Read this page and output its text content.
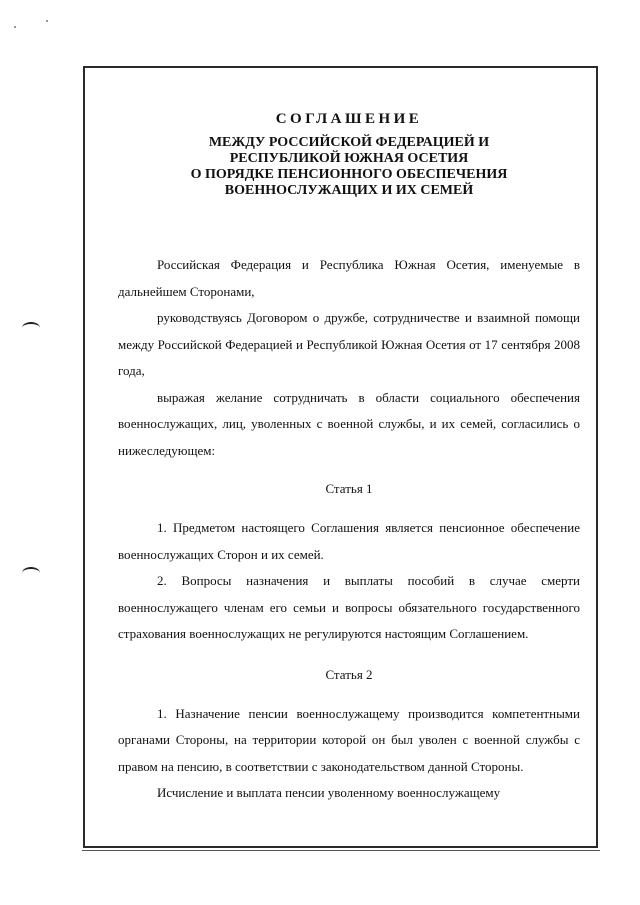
СОГЛАШЕНИЕ
МЕЖДУ РОССИЙСКОЙ ФЕДЕРАЦИЕЙ И
РЕСПУБЛИКОЙ ЮЖНАЯ ОСЕТИЯ
О ПОРЯДКЕ ПЕНСИОННОГО ОБЕСПЕЧЕНИЯ
ВОЕННОСЛУЖАЩИХ И ИХ СЕМЕЙ

Российская Федерация и Республика Южная Осетия, именуемые в дальнейшем Сторонами,

руководствуясь Договором о дружбе, сотрудничестве и взаимной помощи между Российской Федерацией и Республикой Южная Осетия от 17 сентября 2008 года,

выражая желание сотрудничать в области социального обеспечения военнослужащих, лиц, уволенных с военной службы, и их семей, согласились о нижеследующем:

Статья 1

1. Предметом настоящего Соглашения является пенсионное обеспечение военнослужащих Сторон и их семей.

2. Вопросы назначения и выплаты пособий в случае смерти военнослужащего членам его семьи и вопросы обязательного государственного страхования военнослужащих не регулируются настоящим Соглашением.

Статья 2

1. Назначение пенсии военнослужащему производится компетентными органами Стороны, на территории которой он был уволен с военной службы с правом на пенсию, в соответствии с законодательством данной Стороны.

Исчисление и выплата пенсии уволенному военнослужащему
